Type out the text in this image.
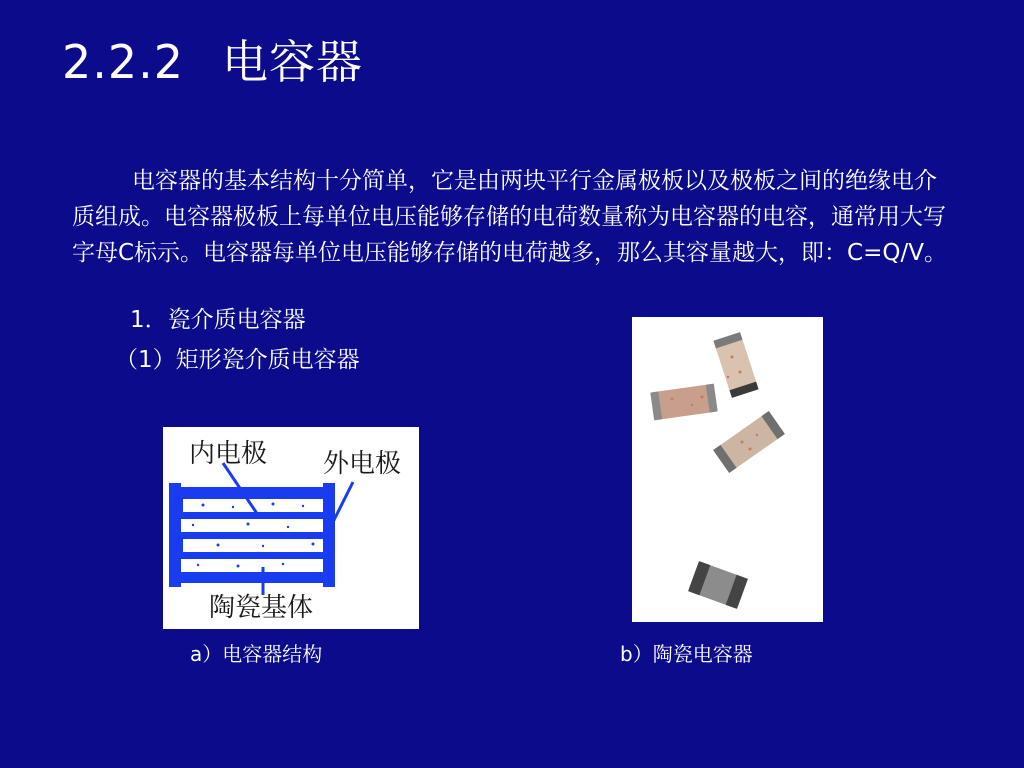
2.2.2 电容器

电容器的基本结构十分简单，它是由两块平行金属极板以及极板之间的绝缘电介质组成。电容器极板上每单位电压能够存储的电荷数量称为电容器的电容，通常用大写字母C标示。电容器每单位电压能够存储的电荷越多，那么其容量越大，即：C=Q/V。

1．瓷介质电容器
（1）矩形瓷介质电容器
内电极 外电极
陶瓷基体
a）电容器结构	b）陶瓷电容器
